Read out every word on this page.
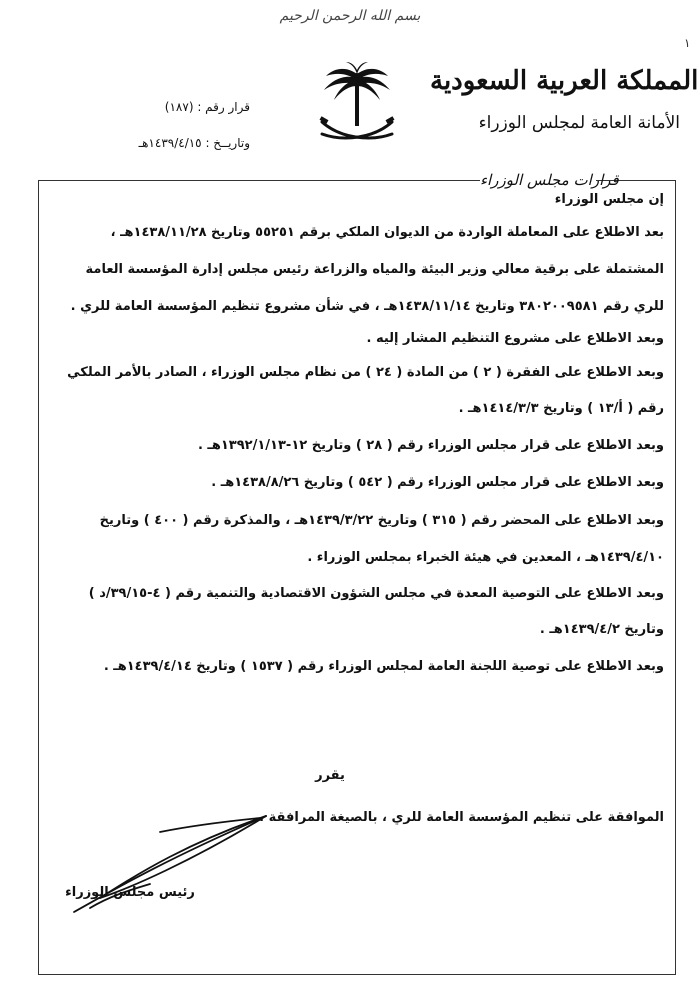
بسم الله الرحمن الرحيم
١
المملكة العربية السعودية
الأمانة العامة لمجلس الوزراء
قرار رقم : (١٨٧)
وتاريــخ : ١٤٣٩/٤/١٥هـ
قرارات مجلس الوزراء
إن مجلس الوزراء
بعد الاطلاع على المعاملة الواردة من الديوان الملكي برقم ٥٥٢٥١ وتاريخ ١٤٣٨/١١/٢٨هـ ،
المشتملة على برقية معالي وزير البيئة والمياه والزراعة رئيس مجلس إدارة المؤسسة العامة
للري رقم ٣٨٠٢٠٠٩٥٨١ وتاريخ ١٤٣٨/١١/١٤هـ ، في شأن مشروع تنظيم المؤسسة العامة للري .
وبعد الاطلاع على مشروع التنظيم المشار إليه .
وبعد الاطلاع على الفقرة ( ٢ ) من المادة ( ٢٤ ) من نظام مجلس الوزراء ، الصادر بالأمر الملكي
رقم ( أ/١٣ ) وتاريخ ١٤١٤/٣/٣هـ .
وبعد الاطلاع على قرار مجلس الوزراء رقم ( ٢٨ ) وتاريخ ١٢-١٣٩٢/١/١٣هـ .
وبعد الاطلاع على قرار مجلس الوزراء رقم ( ٥٤٢ ) وتاريخ ١٤٣٨/٨/٢٦هـ .
وبعد الاطلاع على المحضر رقم ( ٣١٥ ) وتاريخ ١٤٣٩/٣/٢٢هـ ، والمذكرة رقم ( ٤٠٠ ) وتاريخ
١٤٣٩/٤/١٠هـ ، المعدين في هيئة الخبراء بمجلس الوزراء .
وبعد الاطلاع على التوصية المعدة في مجلس الشؤون الاقتصادية والتنمية رقم ( ٤-٣٩/١٥/د )
وتاريخ ١٤٣٩/٤/٢هـ .
وبعد الاطلاع على توصية اللجنة العامة لمجلس الوزراء رقم ( ١٥٣٧ ) وتاريخ ١٤٣٩/٤/١٤هـ .
يقرر
الموافقة على تنظيم المؤسسة العامة للري ، بالصيغة المرافقة .
رئيس مجلس الوزراء
